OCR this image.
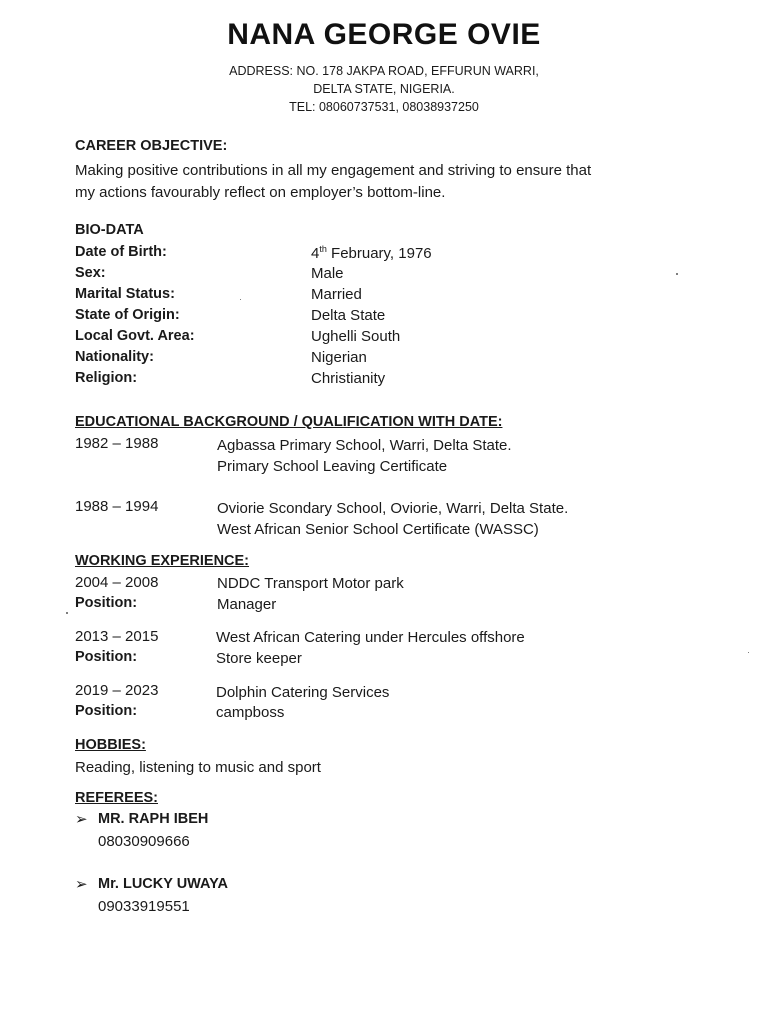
NANA GEORGE OVIE
ADDRESS: NO. 178 JAKPA ROAD, EFFURUN WARRI,
DELTA STATE, NIGERIA.
TEL: 08060737531, 08038937250
CAREER OBJECTIVE:
Making positive contributions in all my engagement and striving to ensure that
my actions favourably reflect on employer’s bottom-line.
BIO-DATA
Date of Birth:	4th February, 1976
Sex:	Male
Marital Status:	Married
State of Origin:	Delta State
Local Govt. Area:	Ughelli South
Nationality:	Nigerian
Religion:	Christianity
EDUCATIONAL BACKGROUND / QUALIFICATION WITH DATE:
1982 – 1988	Agbassa Primary School, Warri, Delta State.
Primary School Leaving Certificate
1988 – 1994	Oviorie Scondary School, Oviorie, Warri, Delta State.
West African Senior School Certificate (WASSC)
WORKING EXPERIENCE:
2004 – 2008	NDDC Transport Motor park
Position:	Manager
2013 – 2015	West African Catering under Hercules offshore
Position:	Store keeper
2019 – 2023	Dolphin Catering Services
Position:	campboss
HOBBIES:
Reading, listening to music and sport
REFEREES:
➢ MR. RAPH IBEH
08030909666
➢ Mr. LUCKY UWAYA
09033919551
